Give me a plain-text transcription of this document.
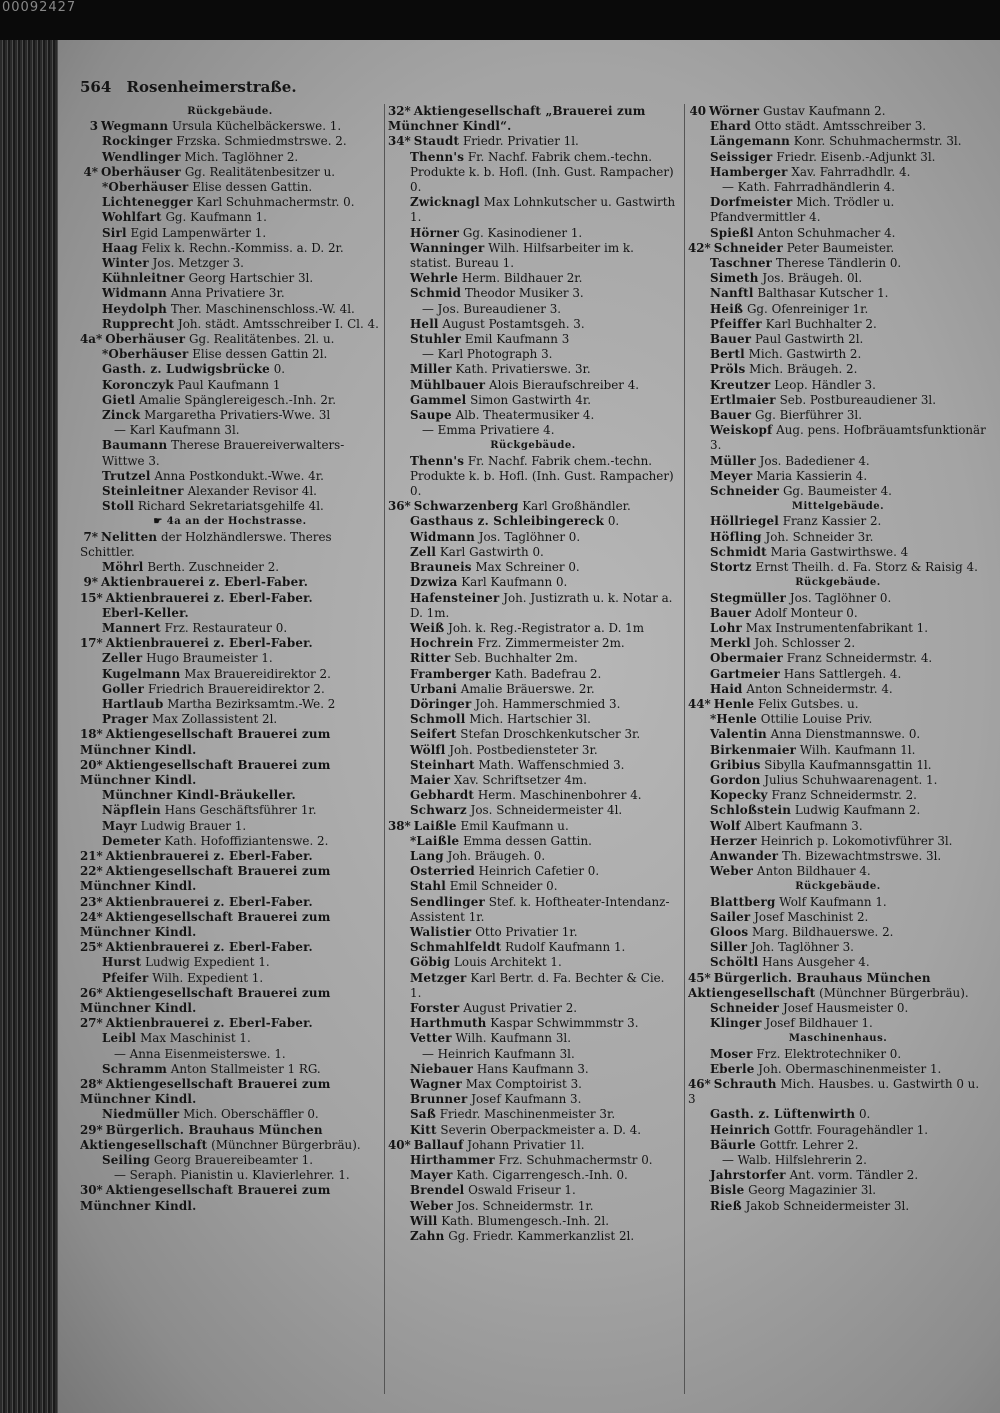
00092427
564 Rosenheimerstraße.
Rückgebäude.
3 Wegmann Ursula Küchelbäckerswe. 1.
Rockinger Frzska. Schmiedmstrswe. 2.
Wendlinger Mich. Taglöhner 2.
4* Oberhäuser Gg. Realitätenbesitzer u.
*Oberhäuser Elise dessen Gattin.
Lichtenegger Karl Schuhmachermstr. 0.
Wohlfart Gg. Kaufmann 1.
Sirl Egid Lampenwärter 1.
Haag Felix k. Rechn.-Kommiss. a. D. 2r.
Winter Jos. Metzger 3.
Kühnleitner Georg Hartschier 3l.
Widmann Anna Privatiere 3r.
Heydolph Ther. Maschinenschloss.-W. 4l.
Rupprecht Joh. städt. Amtsschreiber I. Cl. 4.
4a* Oberhäuser Gg. Realitätenbes. 2l. u.
*Oberhäuser Elise dessen Gattin 2l.
Gasth. z. Ludwigsbrücke 0.
Koronczyk Paul Kaufmann 1
Gietl Amalie Spänglereigesch.-Inh. 2r.
Zinck Margaretha Privatiers-Wwe. 3l
— Karl Kaufmann 3l.
Baumann Therese Brauereiverwalters-Wittwe 3.
Trutzel Anna Postkondukt.-Wwe. 4r.
Steinleitner Alexander Revisor 4l.
Stoll Richard Sekretariatsgehilfe 4l.
☛ 4a an der Hochstrasse.
7* Nelitten der Holzhändlerswe. Theres Schittler.
Möhrl Berth. Zuschneider 2.
9* Aktienbrauerei z. Eberl-Faber.
15* Aktienbrauerei z. Eberl-Faber.
Eberl-Keller.
Mannert Frz. Restaurateur 0.
17* Aktienbrauerei z. Eberl-Faber.
Zeller Hugo Braumeister 1.
Kugelmann Max Brauereidirektor 2.
Goller Friedrich Brauereidirektor 2.
Hartlaub Martha Bezirksamtm.-We. 2
Prager Max Zollassistent 2l.
18* Aktiengesellschaft Brauerei zum Münchner Kindl.
20* Aktiengesellschaft Brauerei zum Münchner Kindl.
Münchner Kindl-Bräukeller.
Näpflein Hans Geschäftsführer 1r.
Mayr Ludwig Brauer 1.
Demeter Kath. Hofoffiziantenswe. 2.
21* Aktienbrauerei z. Eberl-Faber.
22* Aktiengesellschaft Brauerei zum Münchner Kindl.
23* Aktienbrauerei z. Eberl-Faber.
24* Aktiengesellschaft Brauerei zum Münchner Kindl.
25* Aktienbrauerei z. Eberl-Faber.
Hurst Ludwig Expedient 1.
Pfeifer Wilh. Expedient 1.
26* Aktiengesellschaft Brauerei zum Münchner Kindl.
27* Aktienbrauerei z. Eberl-Faber.
Leibl Max Maschinist 1.
— Anna Eisenmeisterswe. 1.
Schramm Anton Stallmeister 1 RG.
28* Aktiengesellschaft Brauerei zum Münchner Kindl.
Niedmüller Mich. Oberschäffler 0.
29* Bürgerlich. Brauhaus München Aktiengesellschaft (Münchner Bürgerbräu).
Seiling Georg Brauereibeamter 1.
— Seraph. Pianistin u. Klavierlehrer. 1.
30* Aktiengesellschaft Brauerei zum Münchner Kindl.
32* Aktiengesellschaft „Brauerei zum Münchner Kindl“.
34* Staudt Friedr. Privatier 1l.
Thenn's Fr. Nachf. Fabrik chem.-techn. Produkte k. b. Hofl. (Inh. Gust. Rampacher) 0.
Zwicknagl Max Lohnkutscher u. Gastwirth 1.
Hörner Gg. Kasinodiener 1.
Wanninger Wilh. Hilfsarbeiter im k. statist. Bureau 1.
Wehrle Herm. Bildhauer 2r.
Schmid Theodor Musiker 3.
— Jos. Bureaudiener 3.
Hell August Postamtsgeh. 3.
Stuhler Emil Kaufmann 3
— Karl Photograph 3.
Miller Kath. Privatierswe. 3r.
Mühlbauer Alois Bieraufschreiber 4.
Gammel Simon Gastwirth 4r.
Saupe Alb. Theatermusiker 4.
— Emma Privatiere 4.
Rückgebäude.
Thenn's Fr. Nachf. Fabrik chem.-techn. Produkte k. b. Hofl. (Inh. Gust. Rampacher) 0.
36* Schwarzenberg Karl Großhändler.
Gasthaus z. Schleibingereck 0.
Widmann Jos. Taglöhner 0.
Zell Karl Gastwirth 0.
Brauneis Max Schreiner 0.
Dzwiza Karl Kaufmann 0.
Hafensteiner Joh. Justizrath u. k. Notar a. D. 1m.
Weiß Joh. k. Reg.-Registrator a. D. 1m
Hochrein Frz. Zimmermeister 2m.
Ritter Seb. Buchhalter 2m.
Framberger Kath. Badefrau 2.
Urbani Amalie Bräuerswe. 2r.
Döringer Joh. Hammerschmied 3.
Schmoll Mich. Hartschier 3l.
Seifert Stefan Droschkenkutscher 3r.
Wölfl Joh. Postbediensteter 3r.
Steinhart Math. Waffenschmied 3.
Maier Xav. Schriftsetzer 4m.
Gebhardt Herm. Maschinenbohrer 4.
Schwarz Jos. Schneidermeister 4l.
38* Laißle Emil Kaufmann u.
*Laißle Emma dessen Gattin.
Lang Joh. Bräugeh. 0.
Osterried Heinrich Cafetier 0.
Stahl Emil Schneider 0.
Sendlinger Stef. k. Hoftheater-Intendanz-Assistent 1r.
Walistier Otto Privatier 1r.
Schmahlfeldt Rudolf Kaufmann 1.
Göbig Louis Architekt 1.
Metzger Karl Bertr. d. Fa. Bechter & Cie. 1.
Forster August Privatier 2.
Harthmuth Kaspar Schwimmmstr 3.
Vetter Wilh. Kaufmann 3l.
— Heinrich Kaufmann 3l.
Niebauer Hans Kaufmann 3.
Wagner Max Comptoirist 3.
Brunner Josef Kaufmann 3.
Saß Friedr. Maschinenmeister 3r.
Kitt Severin Oberpackmeister a. D. 4.
40* Ballauf Johann Privatier 1l.
Hirthammer Frz. Schuhmachermstr 0.
Mayer Kath. Cigarrengesch.-Inh. 0.
Brendel Oswald Friseur 1.
Weber Jos. Schneidermstr. 1r.
Will Kath. Blumengesch.-Inh. 2l.
Zahn Gg. Friedr. Kammerkanzlist 2l.
40 Wörner Gustav Kaufmann 2.
Ehard Otto städt. Amtsschreiber 3.
Längemann Konr. Schuhmachermstr. 3l.
Seissiger Friedr. Eisenb.-Adjunkt 3l.
Hamberger Xav. Fahrradhdlr. 4.
— Kath. Fahrradhändlerin 4.
Dorfmeister Mich. Trödler u. Pfandvermittler 4.
Spießl Anton Schuhmacher 4.
42* Schneider Peter Baumeister.
Taschner Therese Tändlerin 0.
Simeth Jos. Bräugeh. 0l.
Nanftl Balthasar Kutscher 1.
Heiß Gg. Ofenreiniger 1r.
Pfeiffer Karl Buchhalter 2.
Bauer Paul Gastwirth 2l.
Bertl Mich. Gastwirth 2.
Pröls Mich. Bräugeh. 2.
Kreutzer Leop. Händler 3.
Ertlmaier Seb. Postbureaudiener 3l.
Bauer Gg. Bierführer 3l.
Weiskopf Aug. pens. Hofbräuamtsfunktionär 3.
Müller Jos. Badediener 4.
Meyer Maria Kassierin 4.
Schneider Gg. Baumeister 4.
Mittelgebäude.
Höllriegel Franz Kassier 2.
Höfling Joh. Schneider 3r.
Schmidt Maria Gastwirthswe. 4
Stortz Ernst Theilh. d. Fa. Storz & Raisig 4.
Rückgebäude.
Stegmüller Jos. Taglöhner 0.
Bauer Adolf Monteur 0.
Lohr Max Instrumentenfabrikant 1.
Merkl Joh. Schlosser 2.
Obermaier Franz Schneidermstr. 4.
Gartmeier Hans Sattlergeh. 4.
Haid Anton Schneidermstr. 4.
44* Henle Felix Gutsbes. u.
*Henle Ottilie Louise Priv.
Valentin Anna Dienstmannswe. 0.
Birkenmaier Wilh. Kaufmann 1l.
Gribius Sibylla Kaufmannsgattin 1l.
Gordon Julius Schuhwaarenagent. 1.
Kopecky Franz Schneidermstr. 2.
Schloßstein Ludwig Kaufmann 2.
Wolf Albert Kaufmann 3.
Herzer Heinrich p. Lokomotivführer 3l.
Anwander Th. Bizewachtmstrswe. 3l.
Weber Anton Bildhauer 4.
Rückgebäude.
Blattberg Wolf Kaufmann 1.
Sailer Josef Maschinist 2.
Gloos Marg. Bildhauerswe. 2.
Siller Joh. Taglöhner 3.
Schöltl Hans Ausgeher 4.
45* Bürgerlich. Brauhaus München Aktiengesellschaft (Münchner Bürgerbräu).
Schneider Josef Hausmeister 0.
Klinger Josef Bildhauer 1.
Maschinenhaus.
Moser Frz. Elektrotechniker 0.
Eberle Joh. Obermaschinenmeister 1.
46* Schrauth Mich. Hausbes. u. Gastwirth 0 u. 3
Gasth. z. Lüftenwirth 0.
Heinrich Gottfr. Fouragehändler 1.
Bäurle Gottfr. Lehrer 2.
— Walb. Hilfslehrerin 2.
Jahrstorfer Ant. vorm. Tändler 2.
Bisle Georg Magazinier 3l.
Rieß Jakob Schneidermeister 3l.
